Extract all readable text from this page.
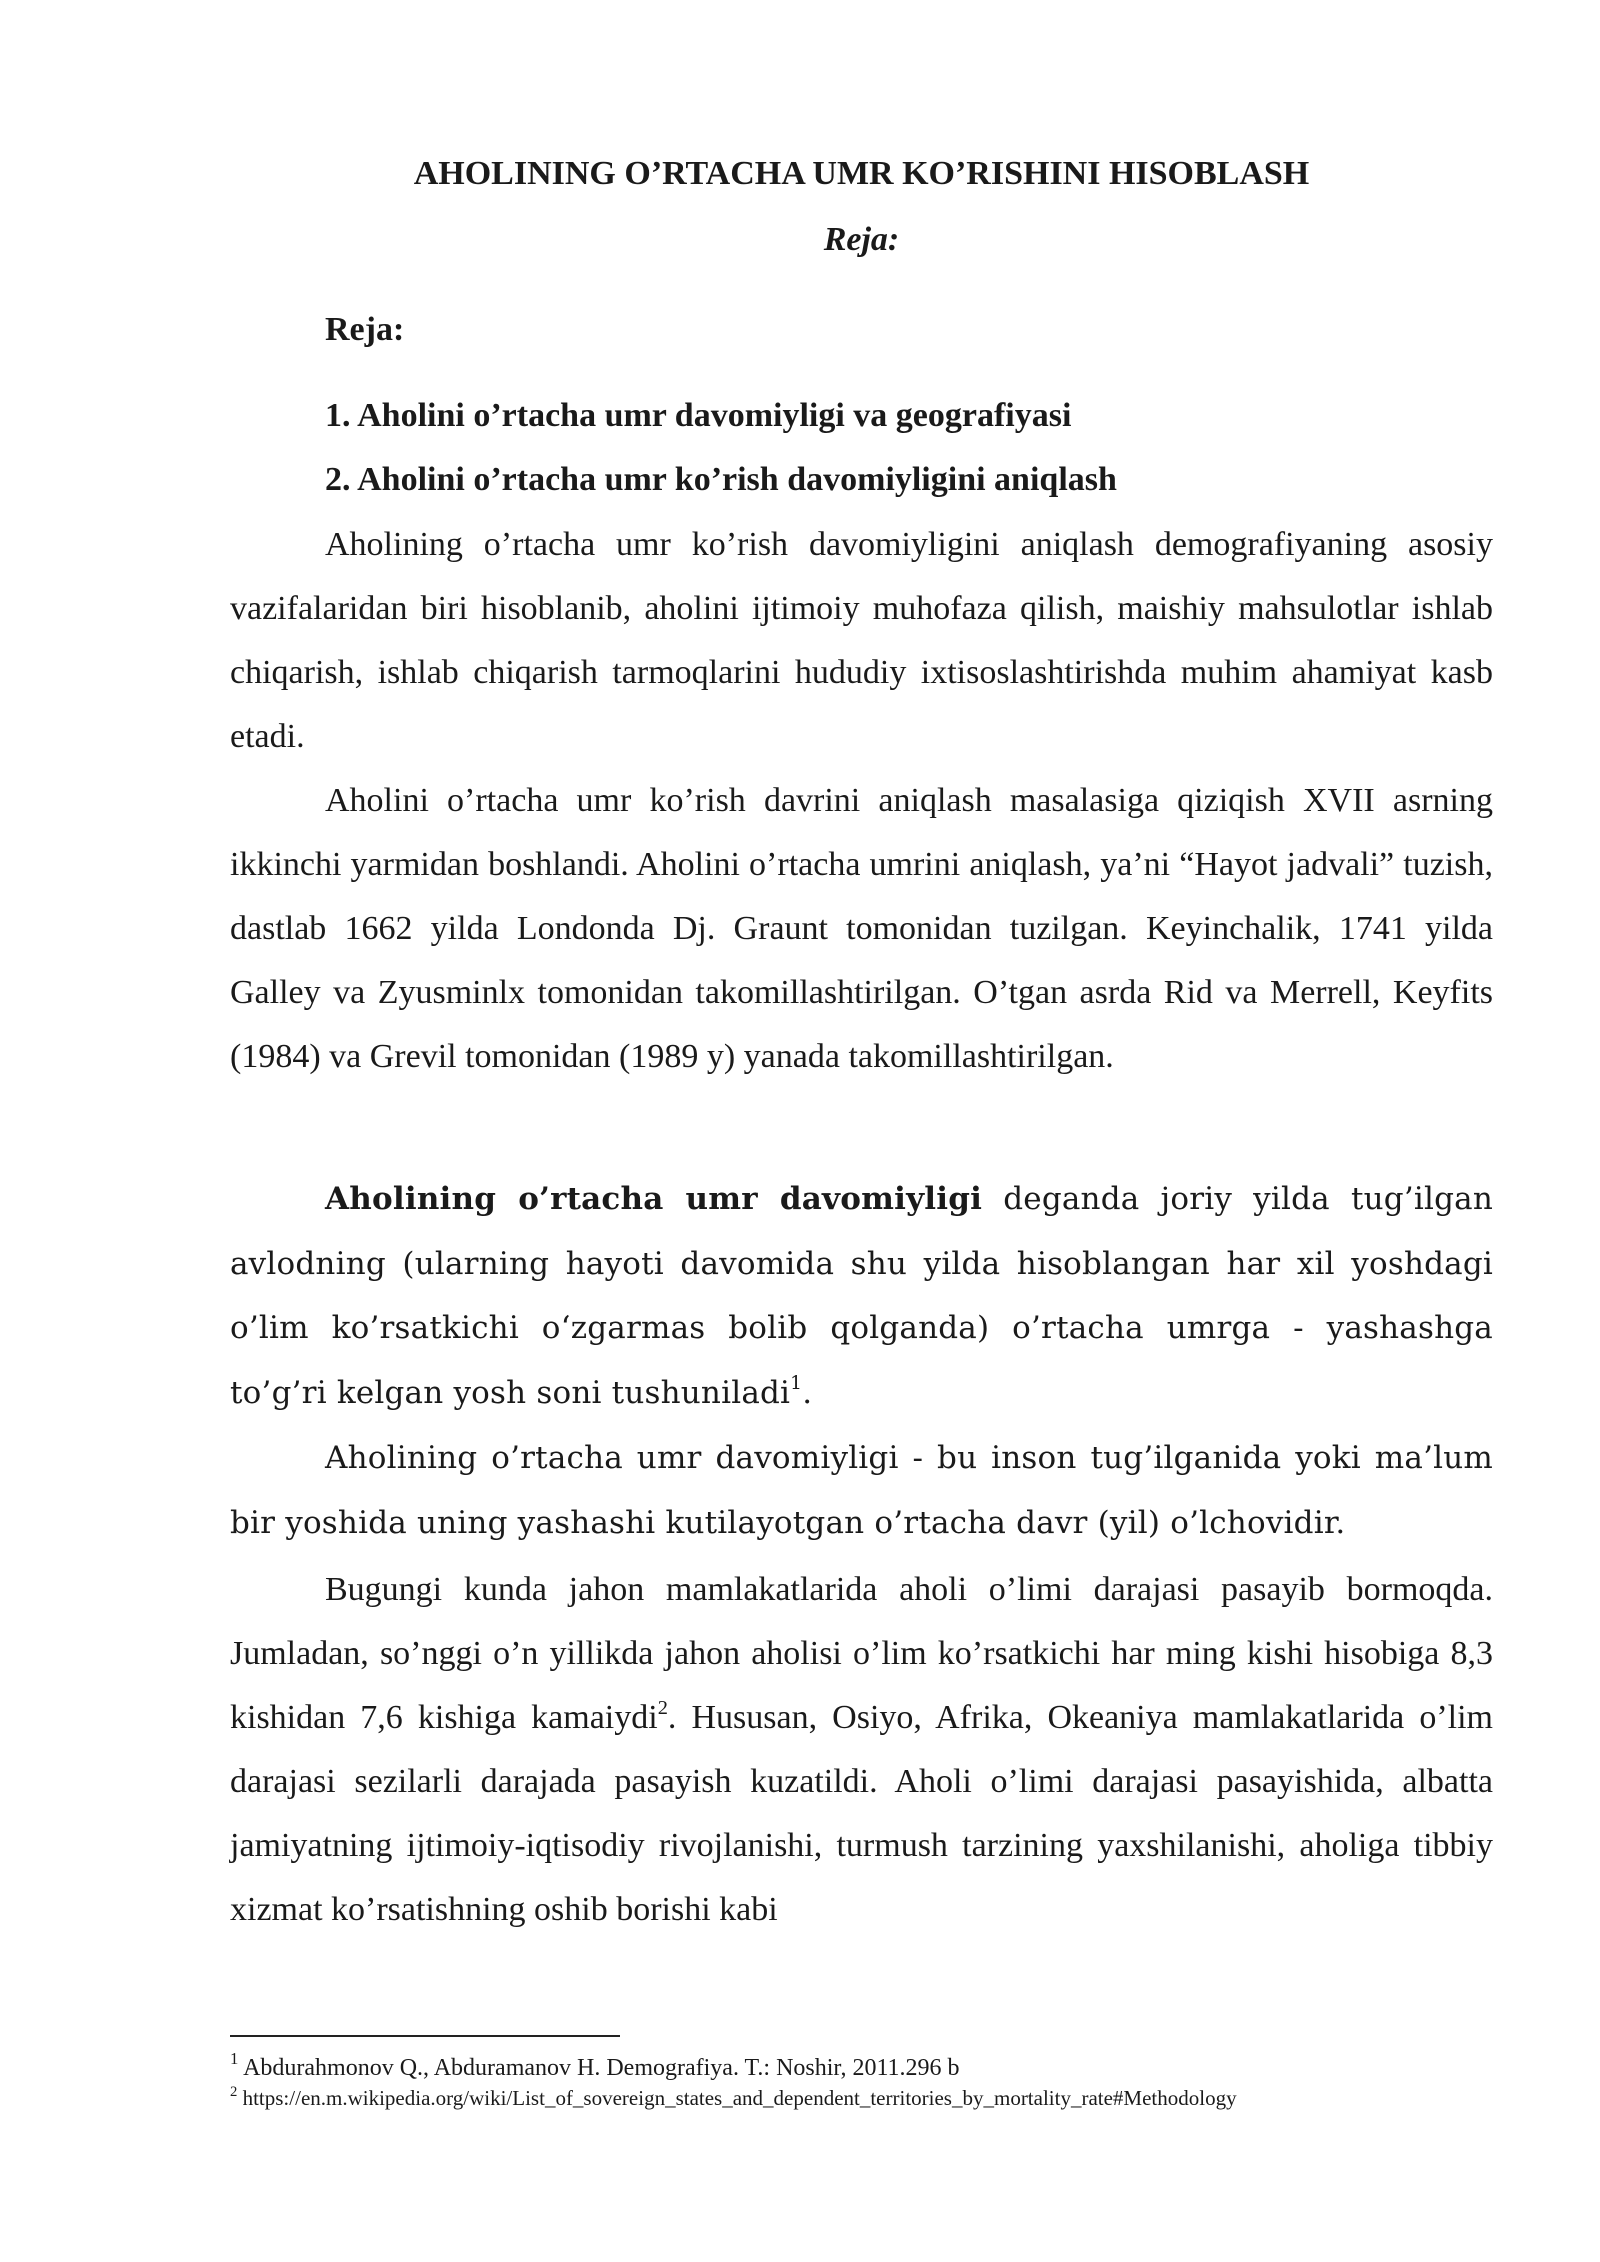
AHOLINING O’RTACHA UMR KO’RISHINI HISOBLASH
Reja:
Reja:
1. Aholini o’rtacha umr davomiyligi va geografiyasi
2. Aholini o’rtacha umr ko’rish davomiyligini aniqlash

Aholining o’rtacha umr ko’rish davomiyligini aniqlash demografiyaning asosiy vazifalaridan biri hisoblanib, aholini ijtimoiy muhofaza qilish, maishiy mahsulotlar ishlab chiqarish, ishlab chiqarish tarmoqlarini hududiy ixtisoslashtirishda muhim ahamiyat kasb etadi.

Aholini o’rtacha umr ko’rish davrini aniqlash masalasiga qiziqish XVII asrning ikkinchi yarmidan boshlandi. Aholini o’rtacha umrini aniqlash, ya’ni “Hayot jadvali” tuzish, dastlab 1662 yilda Londonda Dj. Graunt tomonidan tuzilgan. Keyinchalik, 1741 yilda Galley va Zyusminlx tomonidan takomillashtirilgan. O’tgan asrda Rid va Merrell, Keyfits (1984) va Grevil tomonidan (1989 y) yanada takomillashtirilgan.

Aholining o’rtacha umr davomiyligi deganda joriy yilda tug’ilgan avlodning (ularning hayoti davomida shu yilda hisoblangan har xil yoshdagi o’lim ko’rsatkichi o‘zgarmas bolib qolganda) o’rtacha umrga - yashashga to’g’ri kelgan yosh soni tushuniladi$^1$.

Aholining o’rtacha umr davomiyligi - bu inson tug’ilganida yoki ma’lum bir yoshida uning yashashi kutilayotgan o’rtacha davr (yil) o’lchovidir.

Bugungi kunda jahon mamlakatlarida aholi o’limi darajasi pasayib bormoqda. Jumladan, so’nggi o’n yillikda jahon aholisi o’lim ko’rsatkichi har ming kishi hisobiga 8,3 kishidan 7,6 kishiga kamaiydi$^2$. Hususan, Osiyo, Afrika, Okeaniya mamlakatlarida o’lim darajasi sezilarli darajada pasayish kuzatildi. Aholi o’limi darajasi pasayishida, albatta jamiyatning ijtimoiy-iqtisodiy rivojlanishi, turmush tarzining yaxshilanishi, aholiga tibbiy xizmat ko’rsatishning oshib borishi kabi

$^1$ Abdurahmonov Q., Abduramanov H. Demografiya. T.: Noshir, 2011.296 b

$^2$ https://en.m.wikipedia.org/wiki/List_of_sovereign_states_and_dependent_territories_by_mortality_rate#Methodology
